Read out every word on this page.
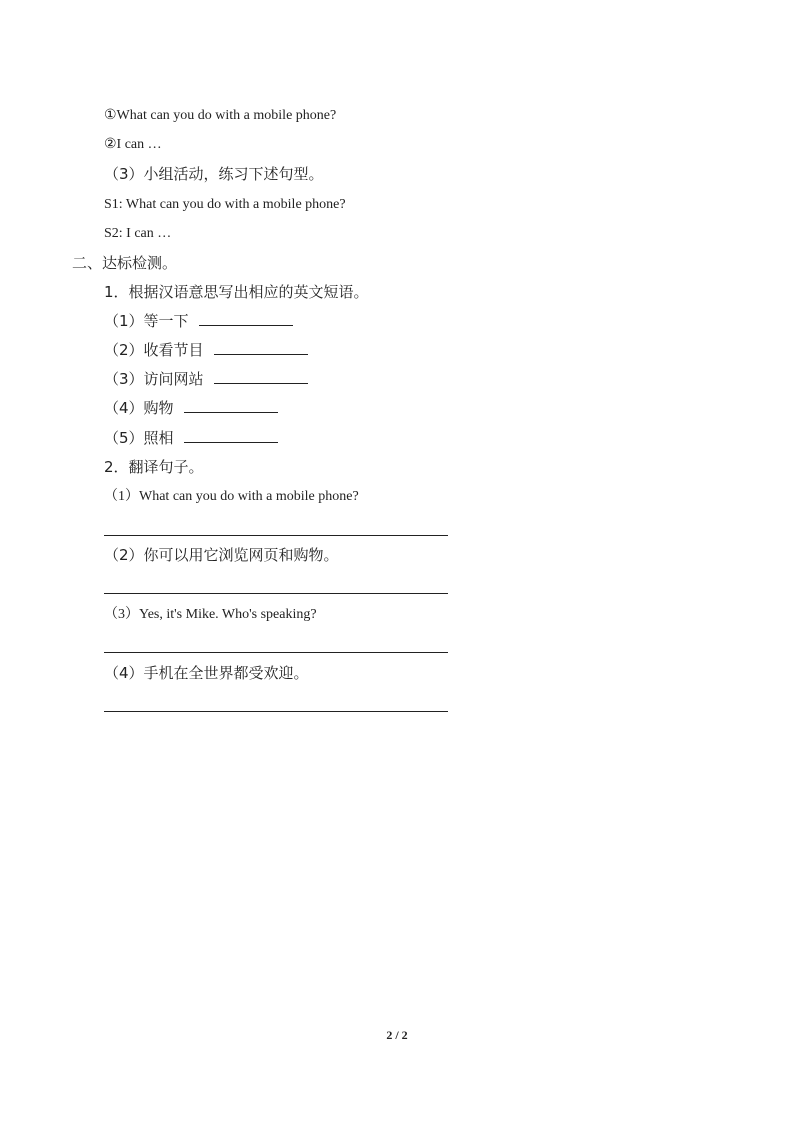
①What can you do with a mobile phone?
②I can …
（3）小组活动，练习下述句型。
S1: What can you do with a mobile phone?
S2: I can …
二、达标检测。
1．根据汉语意思写出相应的英文短语。
（1）等一下
（2）收看节目
（3）访问网站
（4）购物
（5）照相
2．翻译句子。
（1）What can you do with a mobile phone?
（2）你可以用它浏览网页和购物。
（3）Yes, it's Mike. Who's speaking?
（4）手机在全世界都受欢迎。
2 / 2
